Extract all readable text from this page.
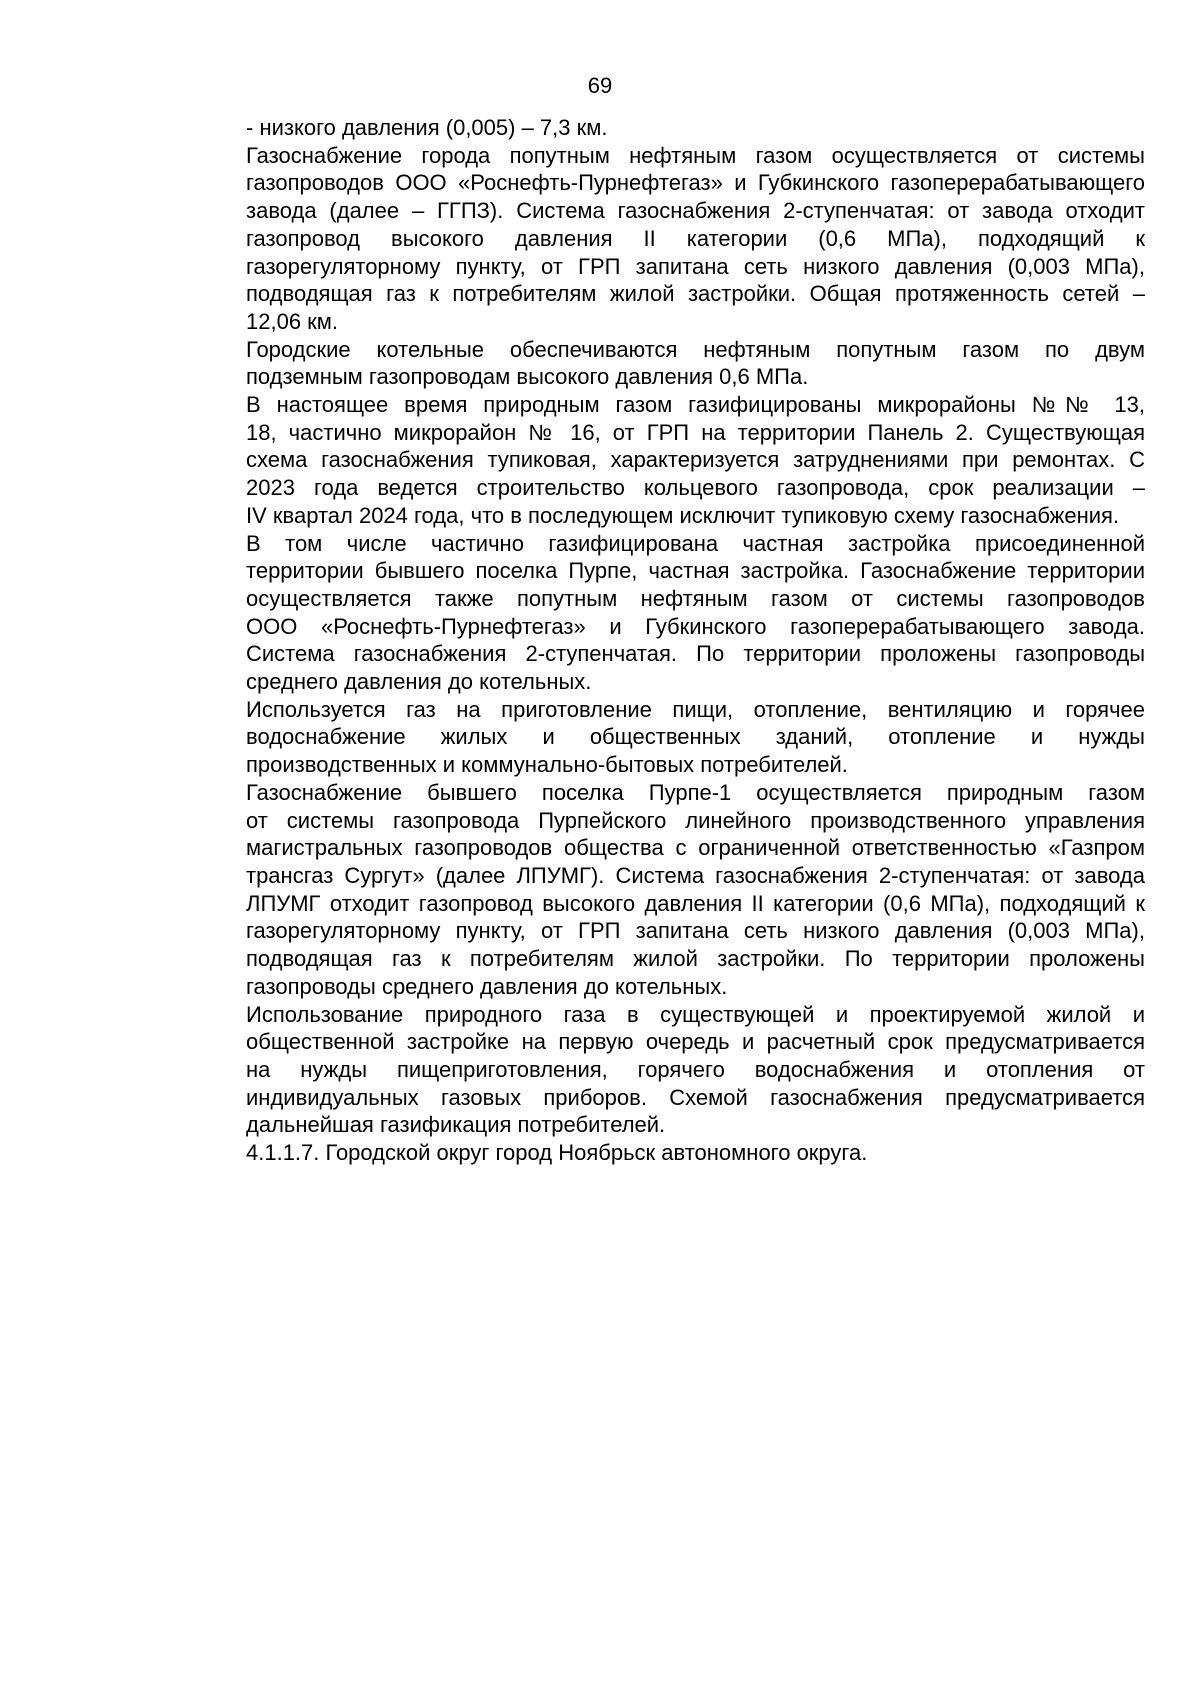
69
- низкого давления (0,005) – 7,3 км.
Газоснабжение города попутным нефтяным газом осуществляется от системы
газопроводов ООО «Роснефть-Пурнефтегаз» и Губкинского газоперерабатывающего
завода (далее – ГГПЗ). Система газоснабжения 2-ступенчатая: от завода отходит
газопровод высокого давления II категории (0,6 МПа), подходящий к
газорегуляторному пункту, от ГРП запитана сеть низкого давления (0,003 МПа),
подводящая газ к потребителям жилой застройки. Общая протяженность сетей –
12,06 км.
Городские котельные обеспечиваются нефтяным попутным газом по двум
подземным газопроводам высокого давления 0,6 МПа.
В настоящее время природным газом газифицированы микрорайоны №№ 13,
18, частично микрорайон № 16, от ГРП на территории Панель 2. Существующая
схема газоснабжения тупиковая, характеризуется затруднениями при ремонтах. С
2023 года ведется строительство кольцевого газопровода, срок реализации –
IV квартал 2024 года, что в последующем исключит тупиковую схему газоснабжения.
В том числе частично газифицирована частная застройка присоединенной
территории бывшего поселка Пурпе, частная застройка. Газоснабжение территории
осуществляется также попутным нефтяным газом от системы газопроводов
ООО «Роснефть-Пурнефтегаз» и Губкинского газоперерабатывающего завода.
Система газоснабжения 2-ступенчатая. По территории проложены газопроводы
среднего давления до котельных.
Используется газ на приготовление пищи, отопление, вентиляцию и горячее
водоснабжение жилых и общественных зданий, отопление и нужды
производственных и коммунально-бытовых потребителей.
Газоснабжение бывшего поселка Пурпе-1 осуществляется природным газом
от системы газопровода Пурпейского линейного производственного управления
магистральных газопроводов общества с ограниченной ответственностью «Газпром
трансгаз Сургут» (далее ЛПУМГ). Система газоснабжения 2-ступенчатая: от завода
ЛПУМГ отходит газопровод высокого давления II категории (0,6 МПа), подходящий к
газорегуляторному пункту, от ГРП запитана сеть низкого давления (0,003 МПа),
подводящая газ к потребителям жилой застройки. По территории проложены
газопроводы среднего давления до котельных.
Использование природного газа в существующей и проектируемой жилой и
общественной застройке на первую очередь и расчетный срок предусматривается
на нужды пищеприготовления, горячего водоснабжения и отопления от
индивидуальных газовых приборов. Схемой газоснабжения предусматривается
дальнейшая газификация потребителей.
4.1.1.7. Городской округ город Ноябрьск автономного округа.
